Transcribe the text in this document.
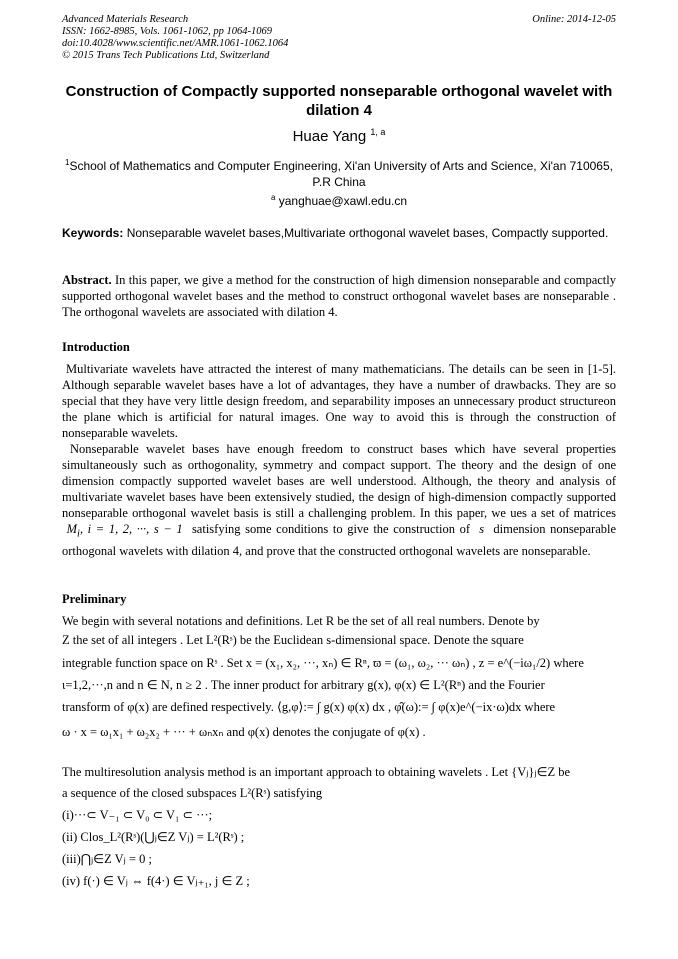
Advanced Materials Research
ISSN: 1662-8985, Vols. 1061-1062, pp 1064-1069
doi:10.4028/www.scientific.net/AMR.1061-1062.1064
© 2015 Trans Tech Publications Ltd, Switzerland
Online: 2014-12-05
Construction of Compactly supported nonseparable orthogonal wavelet with dilation 4
Huae Yang $^{1, a}$
$^1$School of Mathematics and Computer Engineering, Xi'an University of Arts and Science, Xi'an 710065, P.R China
$^a$ yanghuae@xawl.edu.cn
Keywords: Nonseparable wavelet bases,Multivariate orthogonal wavelet bases, Compactly supported.
Abstract. In this paper, we give a method for the construction of high dimension nonseparable and compactly supported orthogonal wavelet bases and the method to construct orthogonal wavelet bases are nonseparable . The orthogonal wavelets are associated with dilation 4.
Introduction
Multivariate wavelets have attracted the interest of many mathematicians. The details can be seen in [1-5]. Although separable wavelet bases have a lot of advantages, they have a number of drawbacks. They are so special that they have very little design freedom, and separability imposes an unnecessary product structureon the plane which is artificial for natural images. One way to avoid this is through the construction of nonseparable wavelets.
Nonseparable wavelet bases have enough freedom to construct bases which have several properties simultaneously such as orthogonality, symmetry and compact support. The theory and the design of one dimension compactly supported wavelet bases are well understood. Although, the theory and analysis of multivariate wavelet bases have been extensively studied, the design of high-dimension compactly supported nonseparable orthogonal wavelet basis is still a challenging problem. In this paper, we ues a set of matrices  $M_i$, i = 1, 2, ···, s − 1  satisfying some conditions to give the construction of  s  dimension nonseparable orthogonal wavelets with dilation 4, and prove that the constructed orthogonal wavelets are nonseparable.
Preliminary
We begin with several notations and definitions. Let R be the set of all real numbers. Denote by
Z the set of all integers . Let L²(Rˢ) be the Euclidean s-dimensional space. Denote the square
integrable function space on Rˢ . Set x = (x₁, x₂, ···, xₙ) ∈ Rⁿ, ϖ = (ω₁, ω₂, ··· ωₙ) , z = e^(−iω₁/2) where
ι=1,2,···,n and n ∈ N, n ≥ 2 . The inner product for arbitrary g(x), φ(x) ∈ L²(Rⁿ) and the Fourier
transform of φ(x) are defined respectively. ⟨g,φ⟩:= ∫ g(x) φ(x) dx , φ̂(ω):= ∫ φ(x)e^(−ix·ω)dx where
ω · x = ω₁x₁ + ω₂x₂ + ··· + ωₙxₙ and φ(x) denotes the conjugate of φ(x) .
The multiresolution analysis method is an important approach to obtaining wavelets . Let {Vⱼ}ⱼ∈Z be
a sequence of the closed subspaces L²(Rˢ) satisfying
(i)···⊂ V₋₁ ⊂ V₀ ⊂ V₁ ⊂ ···;
(ii) Clos_L²(Rˢ)(⋃ⱼ∈Z Vⱼ) = L²(Rˢ) ;
(iii)⋂ⱼ∈Z Vⱼ = 0 ;
(iv) f(·) ∈ Vⱼ ⇔ f(4·) ∈ Vⱼ₊₁, j ∈ Z ;
